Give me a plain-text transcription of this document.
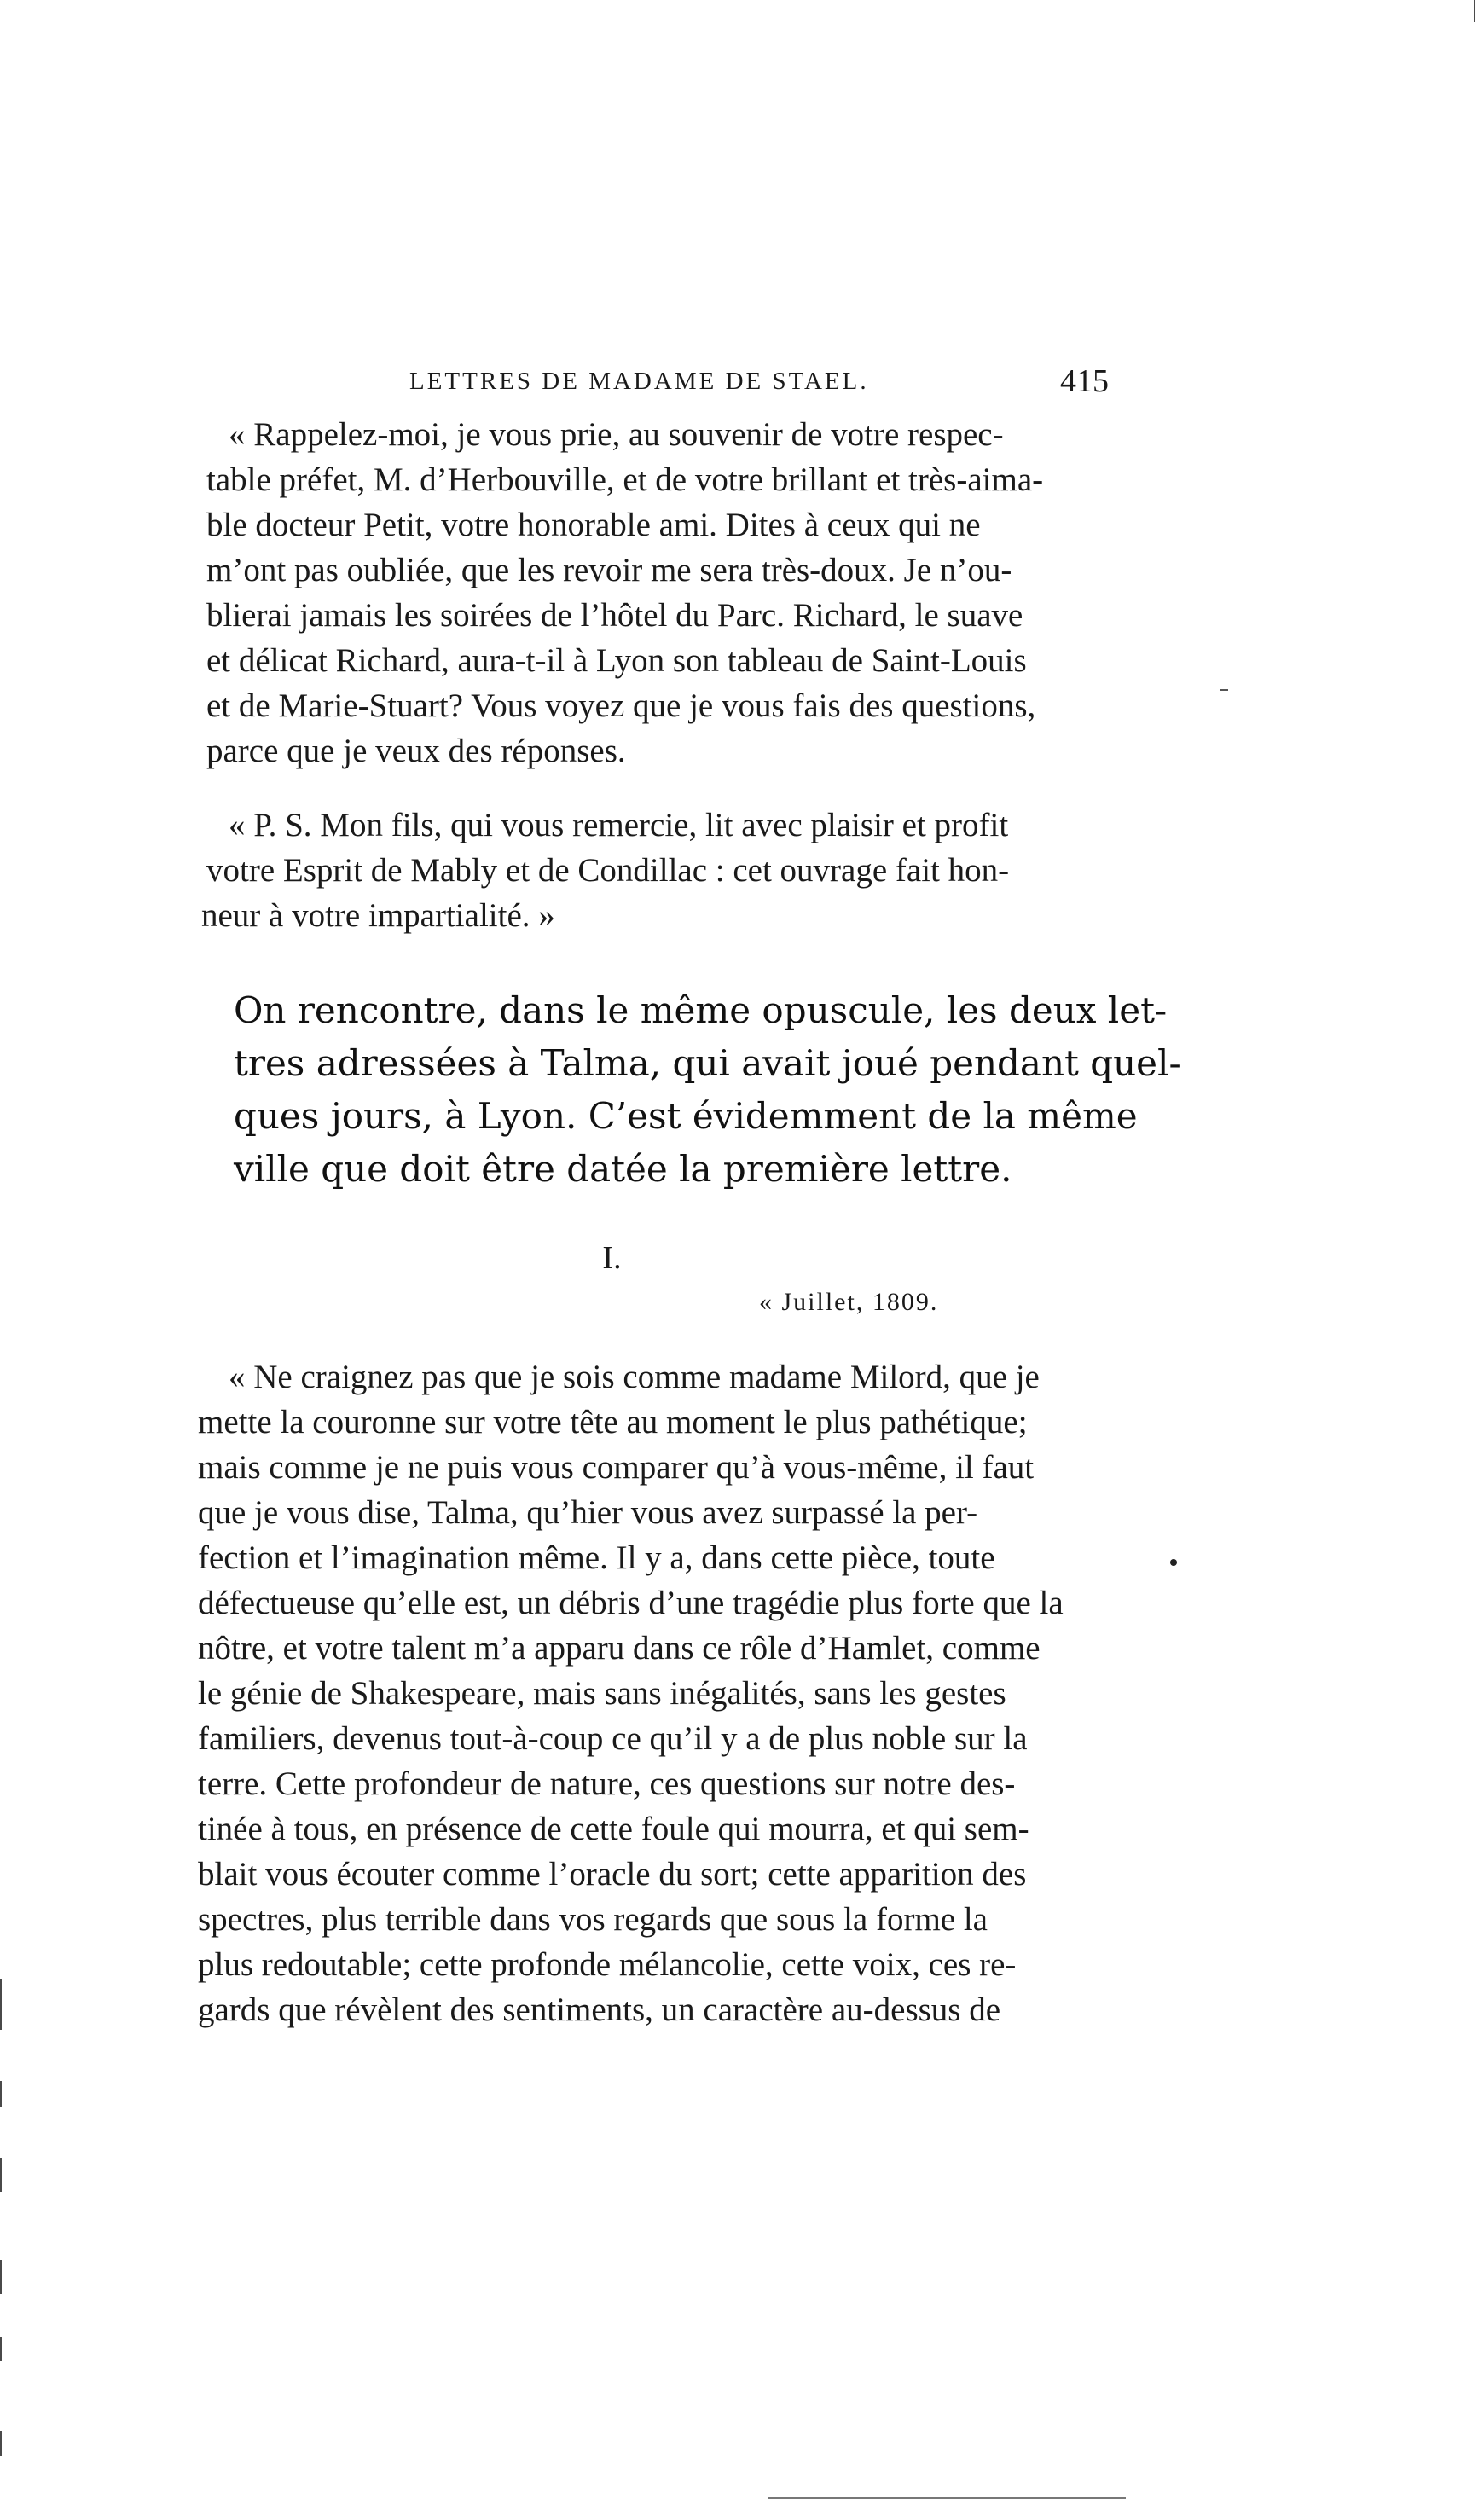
LETTRES DE MADAME DE STAEL.	415
« Rappelez-moi, je vous prie, au souvenir de votre respec-
table préfet, M. d’Herbouville, et de votre brillant et très-aima-
ble docteur Petit, votre honorable ami. Dites à ceux qui ne
m’ont pas oubliée, que les revoir me sera très-doux. Je n’ou-
blierai jamais les soirées de l’hôtel du Parc. Richard, le suave
et délicat Richard, aura-t-il à Lyon son tableau de Saint-Louis
et de Marie-Stuart? Vous voyez que je vous fais des questions,
parce que je veux des réponses.
« P. S. Mon fils, qui vous remercie, lit avec plaisir et profit
votre Esprit de Mably et de Condillac : cet ouvrage fait hon-
neur à votre impartialité. »
On rencontre, dans le même opuscule, les deux let-
tres adressées à Talma, qui avait joué pendant quel-
ques jours, à Lyon. C’est évidemment de la même
ville que doit être datée la première lettre.
I.
« Juillet, 1809.
« Ne craignez pas que je sois comme madame Milord, que je
mette la couronne sur votre tête au moment le plus pathétique;
mais comme je ne puis vous comparer qu’à vous-même, il faut
que je vous dise, Talma, qu’hier vous avez surpassé la per-
fection et l’imagination même. Il y a, dans cette pièce, toute
défectueuse qu’elle est, un débris d’une tragédie plus forte que la
nôtre, et votre talent m’a apparu dans ce rôle d’Hamlet, comme
le génie de Shakespeare, mais sans inégalités, sans les gestes
familiers, devenus tout-à-coup ce qu’il y a de plus noble sur la
terre. Cette profondeur de nature, ces questions sur notre des-
tinée à tous, en présence de cette foule qui mourra, et qui sem-
blait vous écouter comme l’oracle du sort; cette apparition des
spectres, plus terrible dans vos regards que sous la forme la
plus redoutable; cette profonde mélancolie, cette voix, ces re-
gards que révèlent des sentiments, un caractère au-dessus de
